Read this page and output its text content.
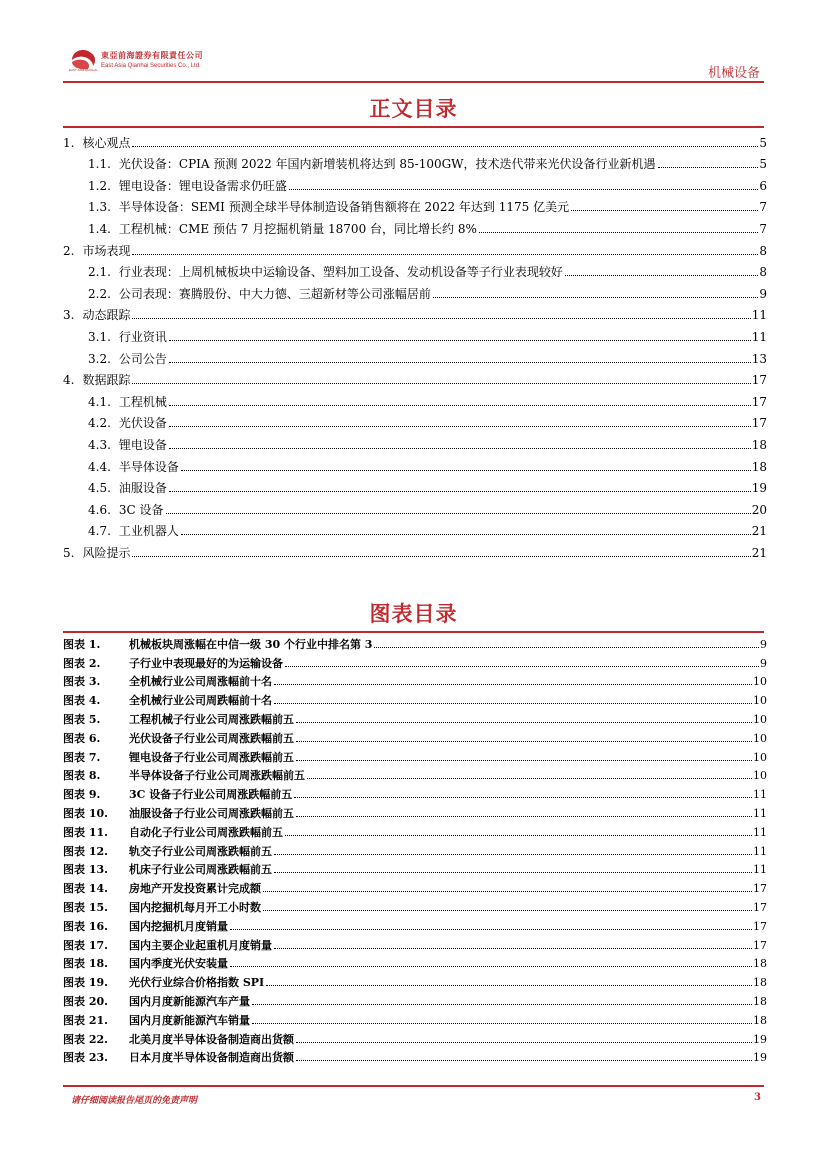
EAST ASIA QIANHAI
東亞前海證券有限責任公司
East Asia Qianhai Securities Co., Ltd.	机械设备
正文目录
1. 核心观点	5
1.1. 光伏设备：CPIA 预测 2022 年国内新增装机将达到 85-100GW，技术迭代带来光伏设备行业新机遇	5
1.2. 锂电设备：锂电设备需求仍旺盛	6
1.3. 半导体设备：SEMI 预测全球半导体制造设备销售额将在 2022 年达到 1175 亿美元	7
1.4. 工程机械：CME 预估 7 月挖掘机销量 18700 台，同比增长约 8%	7
2. 市场表现	8
2.1. 行业表现：上周机械板块中运输设备、塑料加工设备、发动机设备等子行业表现较好	8
2.2. 公司表现：赛腾股份、中大力德、三超新材等公司涨幅居前	9
3. 动态跟踪	11
3.1. 行业资讯	11
3.2. 公司公告	13
4. 数据跟踪	17
4.1. 工程机械	17
4.2. 光伏设备	17
4.3. 锂电设备	18
4.4. 半导体设备	18
4.5. 油服设备	19
4.6. 3C 设备	20
4.7. 工业机器人	21
5. 风险提示	21
图表目录
图表 1.	机械板块周涨幅在中信一级 30 个行业中排名第 3	9
图表 2.	子行业中表现最好的为运输设备	9
图表 3.	全机械行业公司周涨幅前十名	10
图表 4.	全机械行业公司周跌幅前十名	10
图表 5.	工程机械子行业公司周涨跌幅前五	10
图表 6.	光伏设备子行业公司周涨跌幅前五	10
图表 7.	锂电设备子行业公司周涨跌幅前五	10
图表 8.	半导体设备子行业公司周涨跌幅前五	10
图表 9.	3C 设备子行业公司周涨跌幅前五	11
图表 10.	油服设备子行业公司周涨跌幅前五	11
图表 11.	自动化子行业公司周涨跌幅前五	11
图表 12.	轨交子行业公司周涨跌幅前五	11
图表 13.	机床子行业公司周涨跌幅前五	11
图表 14.	房地产开发投资累计完成额	17
图表 15.	国内挖掘机每月开工小时数	17
图表 16.	国内挖掘机月度销量	17
图表 17.	国内主要企业起重机月度销量	17
图表 18.	国内季度光伏安装量	18
图表 19.	光伏行业综合价格指数 SPI	18
图表 20.	国内月度新能源汽车产量	18
图表 21.	国内月度新能源汽车销量	18
图表 22.	北美月度半导体设备制造商出货额	19
图表 23.	日本月度半导体设备制造商出货额	19
请仔细阅读报告尾页的免责声明	3
